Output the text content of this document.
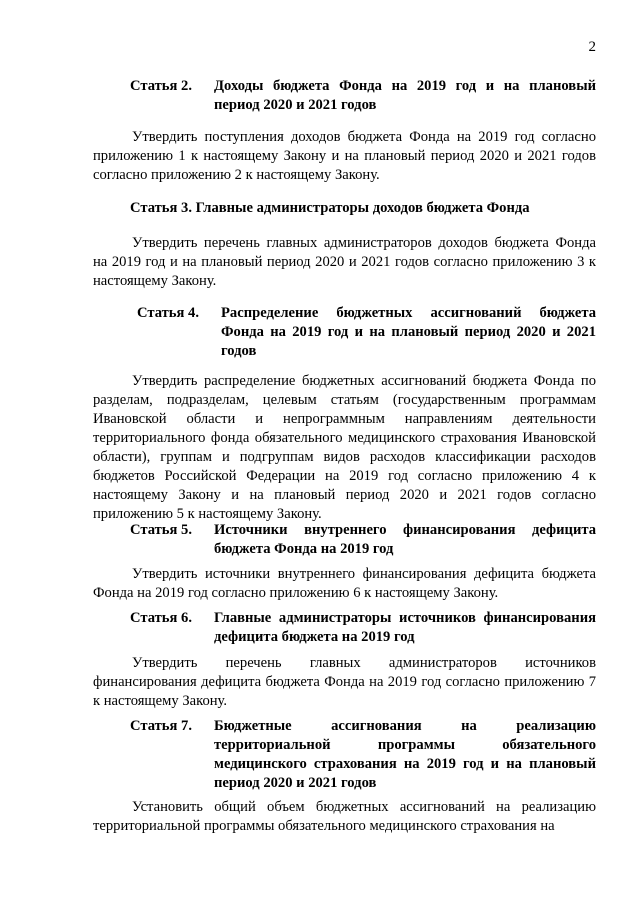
2
Статья 2.	Доходы бюджета Фонда на 2019 год и на плановый период 2020 и 2021 годов

Утвердить поступления доходов бюджета Фонда на 2019 год согласно приложению 1 к настоящему Закону и на плановый период 2020 и 2021 годов согласно приложению 2 к настоящему Закону.

Статья 3. Главные администраторы доходов бюджета Фонда

Утвердить перечень главных администраторов доходов бюджета Фонда на 2019 год и на плановый период 2020 и 2021 годов согласно приложению 3 к настоящему Закону.

Статья 4.	Распределение бюджетных ассигнований бюджета Фонда на 2019 год и на плановый период 2020 и 2021 годов

Утвердить распределение бюджетных ассигнований бюджета Фонда по разделам, подразделам, целевым статьям (государственным программам Ивановской области и непрограммным направлениям деятельности территориального фонда обязательного медицинского страхования Ивановской области), группам и подгруппам видов расходов классификации расходов бюджетов Российской Федерации на 2019 год согласно приложению 4 к настоящему Закону и на плановый период 2020 и 2021 годов согласно приложению 5 к настоящему Закону.

Статья 5.	Источники внутреннего финансирования дефицита бюджета Фонда на 2019 год

Утвердить источники внутреннего финансирования дефицита бюджета Фонда на 2019 год согласно приложению 6 к настоящему Закону.

Статья 6.	Главные администраторы источников финансирования дефицита бюджета на 2019 год

Утвердить перечень главных администраторов источников финансирования дефицита бюджета Фонда на 2019 год согласно приложению 7 к настоящему Закону.

Статья 7.	Бюджетные ассигнования на реализацию территориальной программы обязательного медицинского страхования на 2019 год и на плановый период 2020 и 2021 годов

Установить общий объем бюджетных ассигнований на реализацию территориальной программы обязательного медицинского страхования на
